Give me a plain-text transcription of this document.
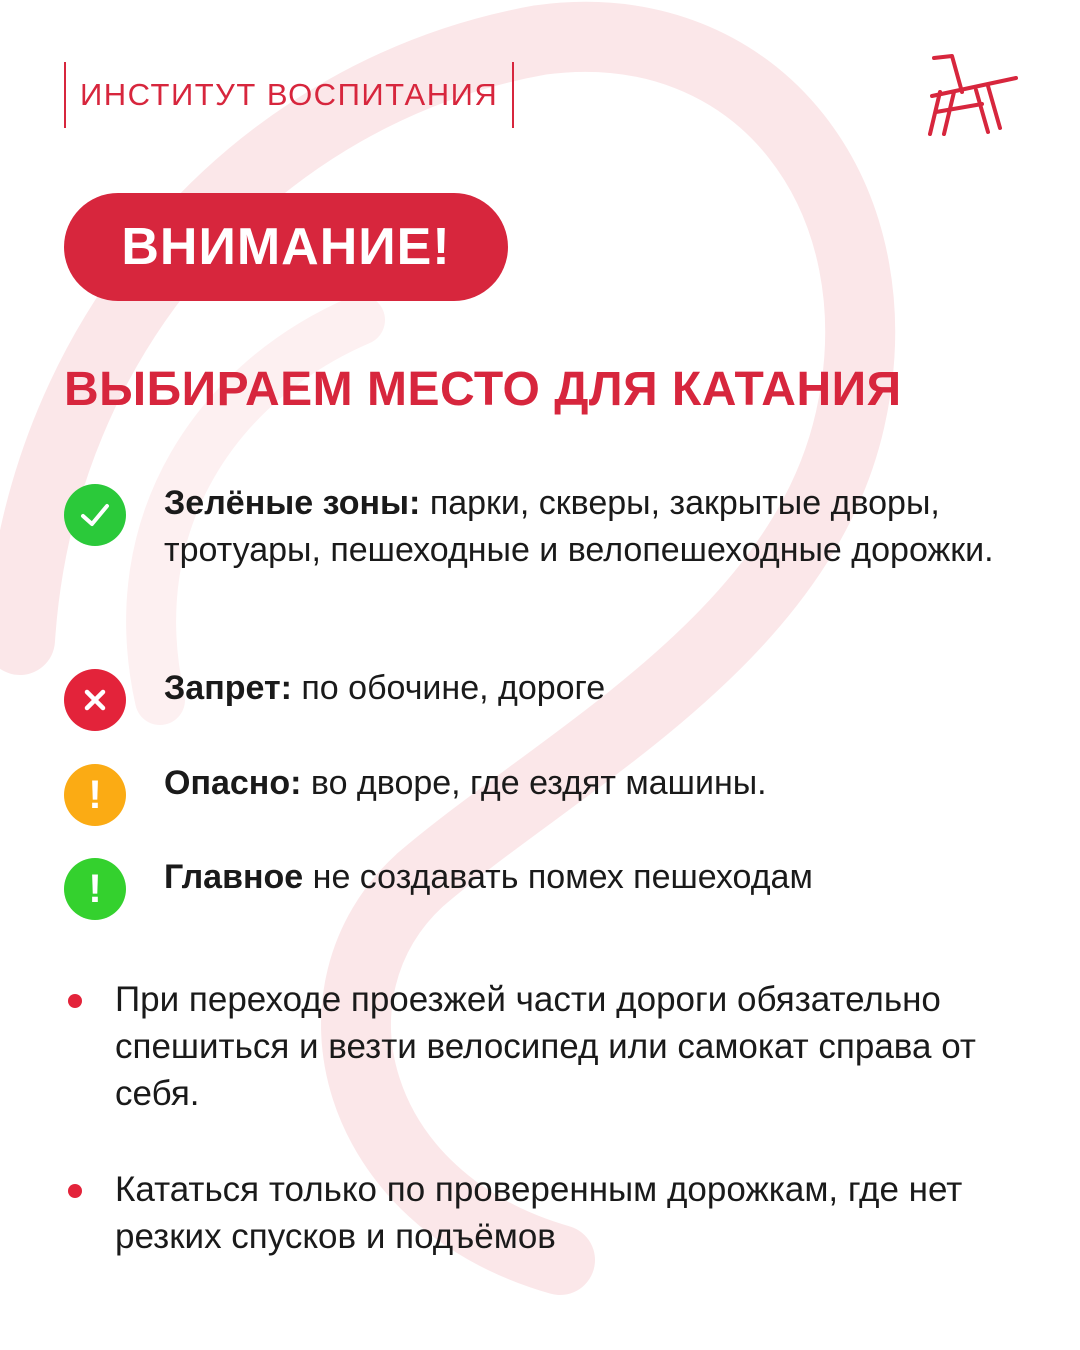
ИНСТИТУТ ВОСПИТАНИЯ
ВНИМАНИЕ!
ВЫБИРАЕМ МЕСТО ДЛЯ КАТАНИЯ
Зелёные зоны: парки, скверы, закрытые дворы, тротуары, пешеходные и велопешеходные дорожки.
Запрет: по обочине, дороге
! Опасно: во дворе, где ездят машины.
! Главное не создавать помех пешеходам
При переходе проезжей части дороги обязательно спешиться и везти велосипед или самокат справа от себя.
Кататься только по проверенным дорожкам, где нет резких спусков и подъёмов
